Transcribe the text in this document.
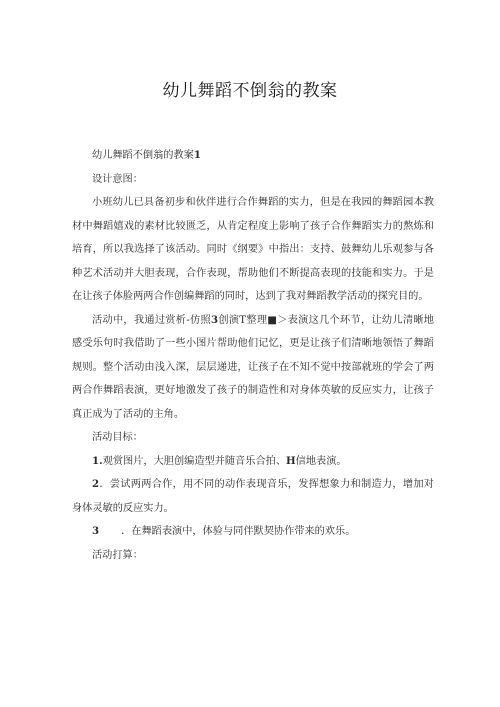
幼儿舞蹈不倒翁的教案

幼儿舞蹈不倒翁的教案1

设计意图：

小班幼儿已具备初步和伙伴进行合作舞蹈的实力，但是在我园的舞蹈园本教材中舞蹈嬉戏的素材比较匮乏，从肯定程度上影响了孩子合作舞蹈实力的熬炼和培育，所以我选择了该活动。同时《纲要》中指出：支持、鼓舞幼儿乐观参与各种艺术活动并大胆表现，合作表现，帮助他们不断提高表现的技能和实力。于是在让孩子体脸两两合作创编舞蹈的同时，达到了我对舞蹈教学活动的探究目的。

活动中，我通过赏析-仿照3创演T整理■＞表演这几个环节，让幼儿清晰地感受乐句时我借助了一些小图片帮助他们记忆，更是让孩子们清晰地领悟了舞蹈规则。整个活动由浅入深，层层递进，让孩子在不知不觉中按部就班的学会了两两合作舞蹈表演，更好地激发了孩子的制造性和对身体英敏的反应实力，让孩子真正成为了活动的主角。

活动目标：

1.观赏图片，大胆创编造型并随音乐合拍、H信地表演。

2．尝试两两合作，用不同的动作表现音乐，发挥想象力和制造力，增加对身体灵敏的反应实力。

3 ．在舞蹈表演中，体验与同伴默契协作带来的欢乐。

活动打算：
